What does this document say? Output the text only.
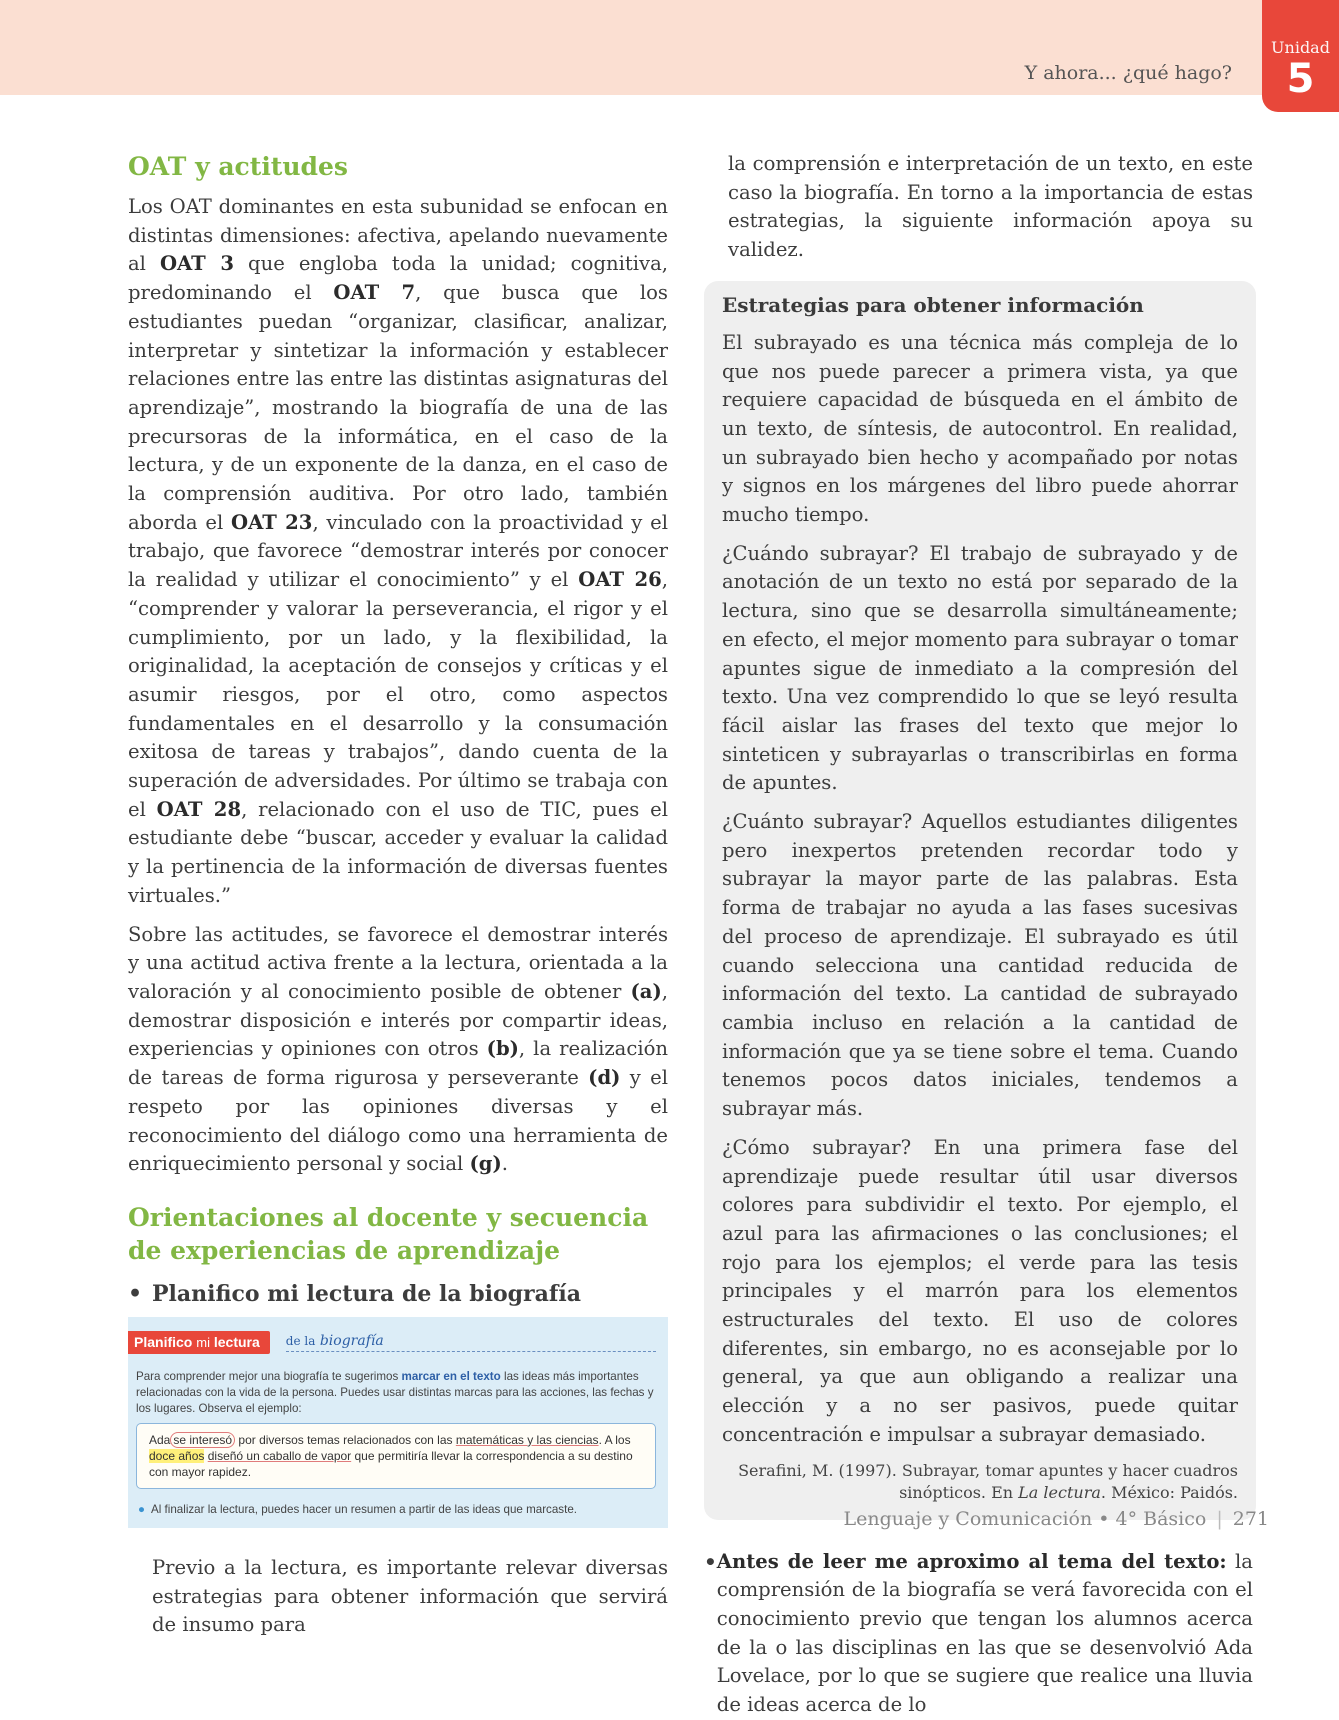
Y ahora... ¿qué hago?
Unidad
5
OAT y actitudes

Los OAT dominantes en esta subunidad se enfocan en distintas dimensiones: afectiva, apelando nuevamente al OAT 3 que engloba toda la unidad; cognitiva, predominando el OAT 7, que busca que los estudiantes puedan “organizar, clasificar, analizar, interpretar y sintetizar la información y establecer relaciones entre las entre las distintas asignaturas del aprendizaje”, mostrando la biografía de una de las precursoras de la informática, en el caso de la lectura, y de un exponente de la danza, en el caso de la comprensión auditiva. Por otro lado, también aborda el OAT 23, vinculado con la proactividad y el trabajo, que favorece “demostrar interés por conocer la realidad y utilizar el conocimiento” y el OAT 26, “comprender y valorar la perseverancia, el rigor y el cumplimiento, por un lado, y la flexibilidad, la originalidad, la aceptación de consejos y críticas y el asumir riesgos, por el otro, como aspectos fundamentales en el desarrollo y la consumación exitosa de tareas y trabajos”, dando cuenta de la superación de adversidades. Por último se trabaja con el OAT 28, relacionado con el uso de TIC, pues el estudiante debe “buscar, acceder y evaluar la calidad y la pertinencia de la información de diversas fuentes virtuales.”

Sobre las actitudes, se favorece el demostrar interés y una actitud activa frente a la lectura, orientada a la valoración y al conocimiento posible de obtener (a), demostrar disposición e interés por compartir ideas, experiencias y opiniones con otros (b), la realización de tareas de forma rigurosa y perseverante (d) y el respeto por las opiniones diversas y el reconocimiento del diálogo como una herramienta de enriquecimiento personal y social (g).

Orientaciones al docente y secuencia de experiencias de aprendizaje
• Planifico mi lectura de la biografía
Planifico mi lectura	de la biografía
Para comprender mejor una biografía te sugerimos marcar en el texto las ideas más importantes relacionadas con la vida de la persona. Puedes usar distintas marcas para las acciones, las fechas y los lugares. Observa el ejemplo:
Ada se interesó por diversos temas relacionados con las matemáticas y las ciencias. A los doce años diseñó un caballo de vapor que permitiría llevar la correspondencia a su destino con mayor rapidez.
● Al finalizar la lectura, puedes hacer un resumen a partir de las ideas que marcaste.

Previo a la lectura, es importante relevar diversas estrategias para obtener información que servirá de insumo para

la comprensión e interpretación de un texto, en este caso la biografía. En torno a la importancia de estas estrategias, la siguiente información apoya su validez.

Estrategias para obtener información

El subrayado es una técnica más compleja de lo que nos puede parecer a primera vista, ya que requiere capacidad de búsqueda en el ámbito de un texto, de síntesis, de autocontrol. En realidad, un subrayado bien hecho y acompañado por notas y signos en los márgenes del libro puede ahorrar mucho tiempo.

¿Cuándo subrayar? El trabajo de subrayado y de anotación de un texto no está por separado de la lectura, sino que se desarrolla simultáneamente; en efecto, el mejor momento para subrayar o tomar apuntes sigue de inmediato a la compresión del texto. Una vez comprendido lo que se leyó resulta fácil aislar las frases del texto que mejor lo sinteticen y subrayarlas o transcribirlas en forma de apuntes.

¿Cuánto subrayar? Aquellos estudiantes diligentes pero inexpertos pretenden recordar todo y subrayar la mayor parte de las palabras. Esta forma de trabajar no ayuda a las fases sucesivas del proceso de aprendizaje. El subrayado es útil cuando selecciona una cantidad reducida de información del texto. La cantidad de subrayado cambia incluso en relación a la cantidad de información que ya se tiene sobre el tema. Cuando tenemos pocos datos iniciales, tendemos a subrayar más.

¿Cómo subrayar? En una primera fase del aprendizaje puede resultar útil usar diversos colores para subdividir el texto. Por ejemplo, el azul para las afirmaciones o las conclusiones; el rojo para los ejemplos; el verde para las tesis principales y el marrón para los elementos estructurales del texto. El uso de colores diferentes, sin embargo, no es aconsejable por lo general, ya que aun obligando a realizar una elección y a no ser pasivos, puede quitar concentración e impulsar a subrayar demasiado.

Serafini, M. (1997). Subrayar, tomar apuntes y hacer cuadros sinópticos. En La lectura. México: Paidós.
• Antes de leer me aproximo al tema del texto: la comprensión de la biografía se verá favorecida con el conocimiento previo que tengan los alumnos acerca de la o las disciplinas en las que se desenvolvió Ada Lovelace, por lo que se sugiere que realice una lluvia de ideas acerca de lo

Lenguaje y Comunicación • 4° Básico | 271
